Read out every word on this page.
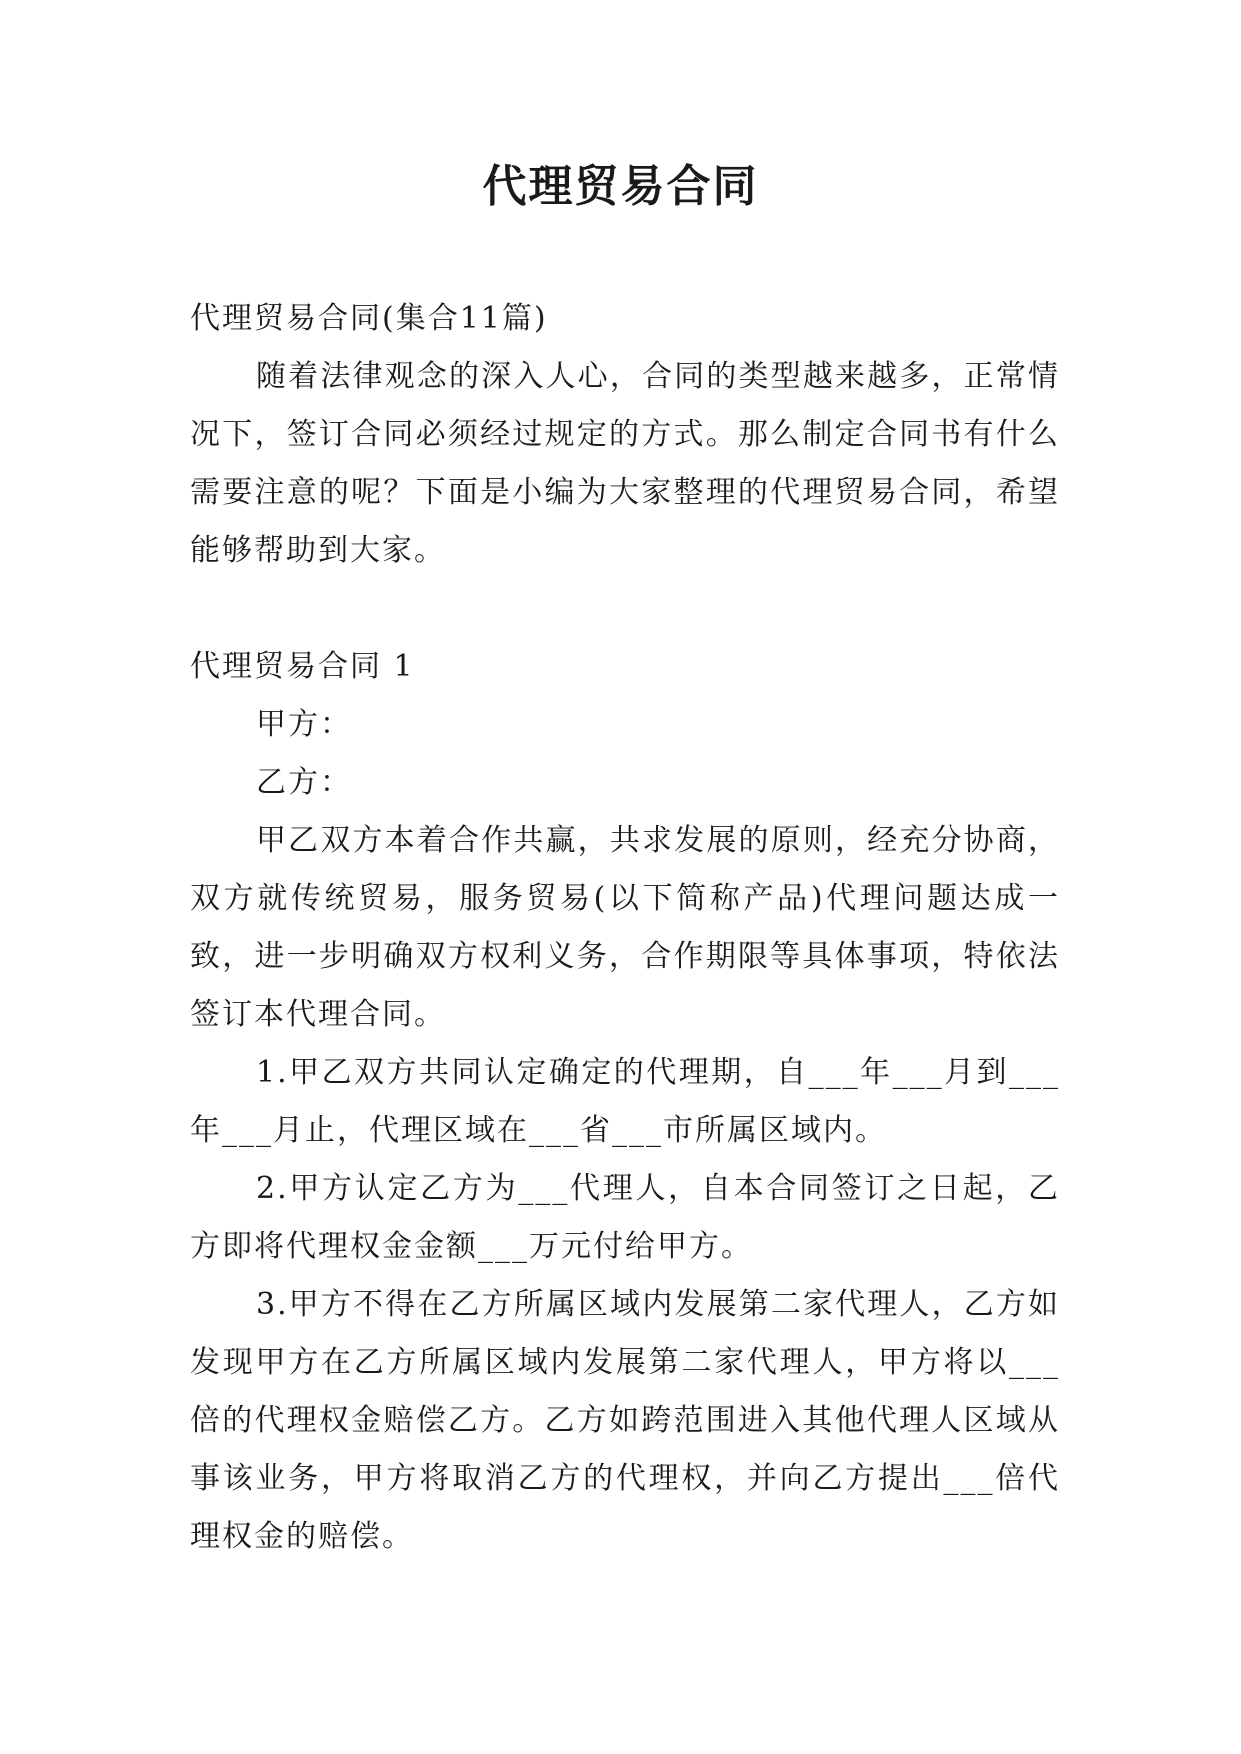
代理贸易合同

代理贸易合同(集合11篇)

随着法律观念的深入人心，合同的类型越来越多，正常情况下，签订合同必须经过规定的方式。那么制定合同书有什么需要注意的呢？下面是小编为大家整理的代理贸易合同，希望能够帮助到大家。

代理贸易合同 1

甲方：

乙方：

甲乙双方本着合作共赢，共求发展的原则，经充分协商，双方就传统贸易，服务贸易(以下简称产品)代理问题达成一致，进一步明确双方权利义务，合作期限等具体事项，特依法签订本代理合同。

1.甲乙双方共同认定确定的代理期，自___年___月到___年___月止，代理区域在___省___市所属区域内。

2.甲方认定乙方为___代理人，自本合同签订之日起，乙方即将代理权金金额___万元付给甲方。

3.甲方不得在乙方所属区域内发展第二家代理人，乙方如发现甲方在乙方所属区域内发展第二家代理人，甲方将以___倍的代理权金赔偿乙方。乙方如跨范围进入其他代理人区域从事该业务，甲方将取消乙方的代理权，并向乙方提出___倍代理权金的赔偿。
